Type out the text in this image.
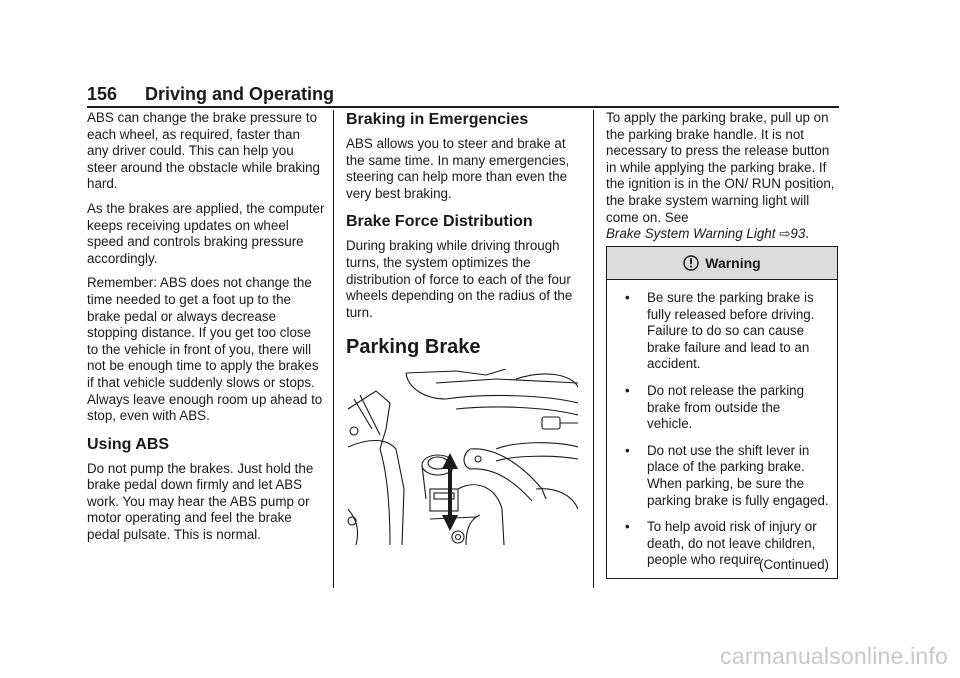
156 Driving and Operating

ABS can change the brake pressure to each wheel, as required, faster than any driver could. This can help you steer around the obstacle while braking hard.

As the brakes are applied, the computer keeps receiving updates on wheel speed and controls braking pressure accordingly.

Remember: ABS does not change the time needed to get a foot up to the brake pedal or always decrease stopping distance. If you get too close to the vehicle in front of you, there will not be enough time to apply the brakes if that vehicle suddenly slows or stops. Always leave enough room up ahead to stop, even with ABS.

Using ABS

Do not pump the brakes. Just hold the brake pedal down firmly and let ABS work. You may hear the ABS pump or motor operating and feel the brake pedal pulsate. This is normal.

Braking in Emergencies

ABS allows you to steer and brake at the same time. In many emergencies, steering can help more than even the very best braking.

Brake Force Distribution

During braking while driving through turns, the system optimizes the distribution of force to each of the four wheels depending on the radius of the turn.

Parking Brake

To apply the parking brake, pull up on the parking brake handle. It is not necessary to press the release button in while applying the parking brake. If the ignition is in the ON/ RUN position, the brake system warning light will come on. See
Brake System Warning Light ⇨93.

Warning
• Be sure the parking brake is fully released before driving. Failure to do so can cause brake failure and lead to an accident.
• Do not release the parking brake from outside the vehicle.
• Do not use the shift lever in place of the parking brake. When parking, be sure the parking brake is fully engaged.
• To help avoid risk of injury or death, do not leave children, people who require
(Continued)
carmanualsonline.info
